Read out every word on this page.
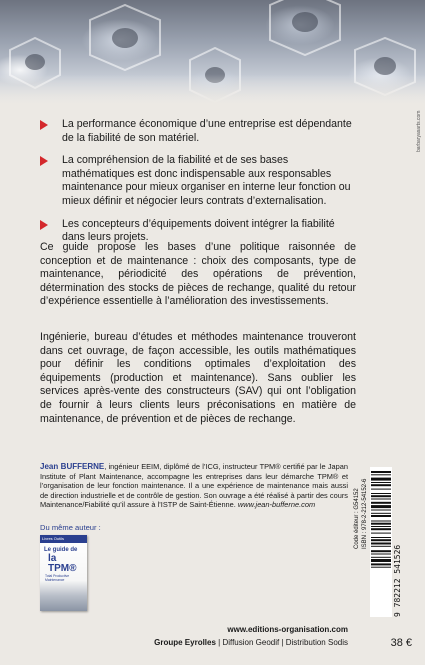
La performance économique d’une entreprise est dépendante de la fiabilité de son matériel.
La compréhension de la fiabilité et de ses bases mathématiques est donc indispensable aux responsables maintenance pour mieux organiser en interne leur fonction ou mieux définir et négocier leurs contrats d’externalisation.
Les concepteurs d’équipements doivent intégrer la fiabilité dans leurs projets.
Ce guide propose les bases d’une politique raisonnée de conception et de maintenance : choix des composants, type de maintenance, périodicité des opérations de prévention, détermination des stocks de pièces de rechange, qualité du retour d’expérience essentielle à l’amélioration des investissements.
Ingénierie, bureau d’études et méthodes maintenance trouveront dans cet ouvrage, de façon accessible, les outils mathématiques pour définir les conditions optimales d’exploitation des équipements (production et maintenance). Sans oublier les services après-vente des constructeurs (SAV) qui ont l’obligation de fournir à leurs clients leurs préconisations en matière de maintenance, de prévention et de pièces de rechange.
Jean BUFFERNE, ingénieur EEIM, diplômé de l’ICG, instructeur TPM® certifié par le Japan Institute of Plant Maintenance, accompagne les entreprises dans leur démarche TPM® et l’organisation de leur fonction maintenance. Il a une expérience de maintenance mais aussi de direction industrielle et de contrôle de gestion. Son ouvrage a été réalisé à partir des cours Maintenance/Fiabilité qu’il assure à l’ISTP de Saint-Étienne. www.jean-bufferne.com
Du même auteur :
Livres Outils
Le guide de
la TPM®
Total Productive Maintenance
barbaryasarts.com
Code éditeur : G54152 ISBN : 978-2-212-54152-6
9 782212 541526
www.editions-organisation.com
Groupe Eyrolles | Diffusion Geodif | Distribution Sodis	38 €
